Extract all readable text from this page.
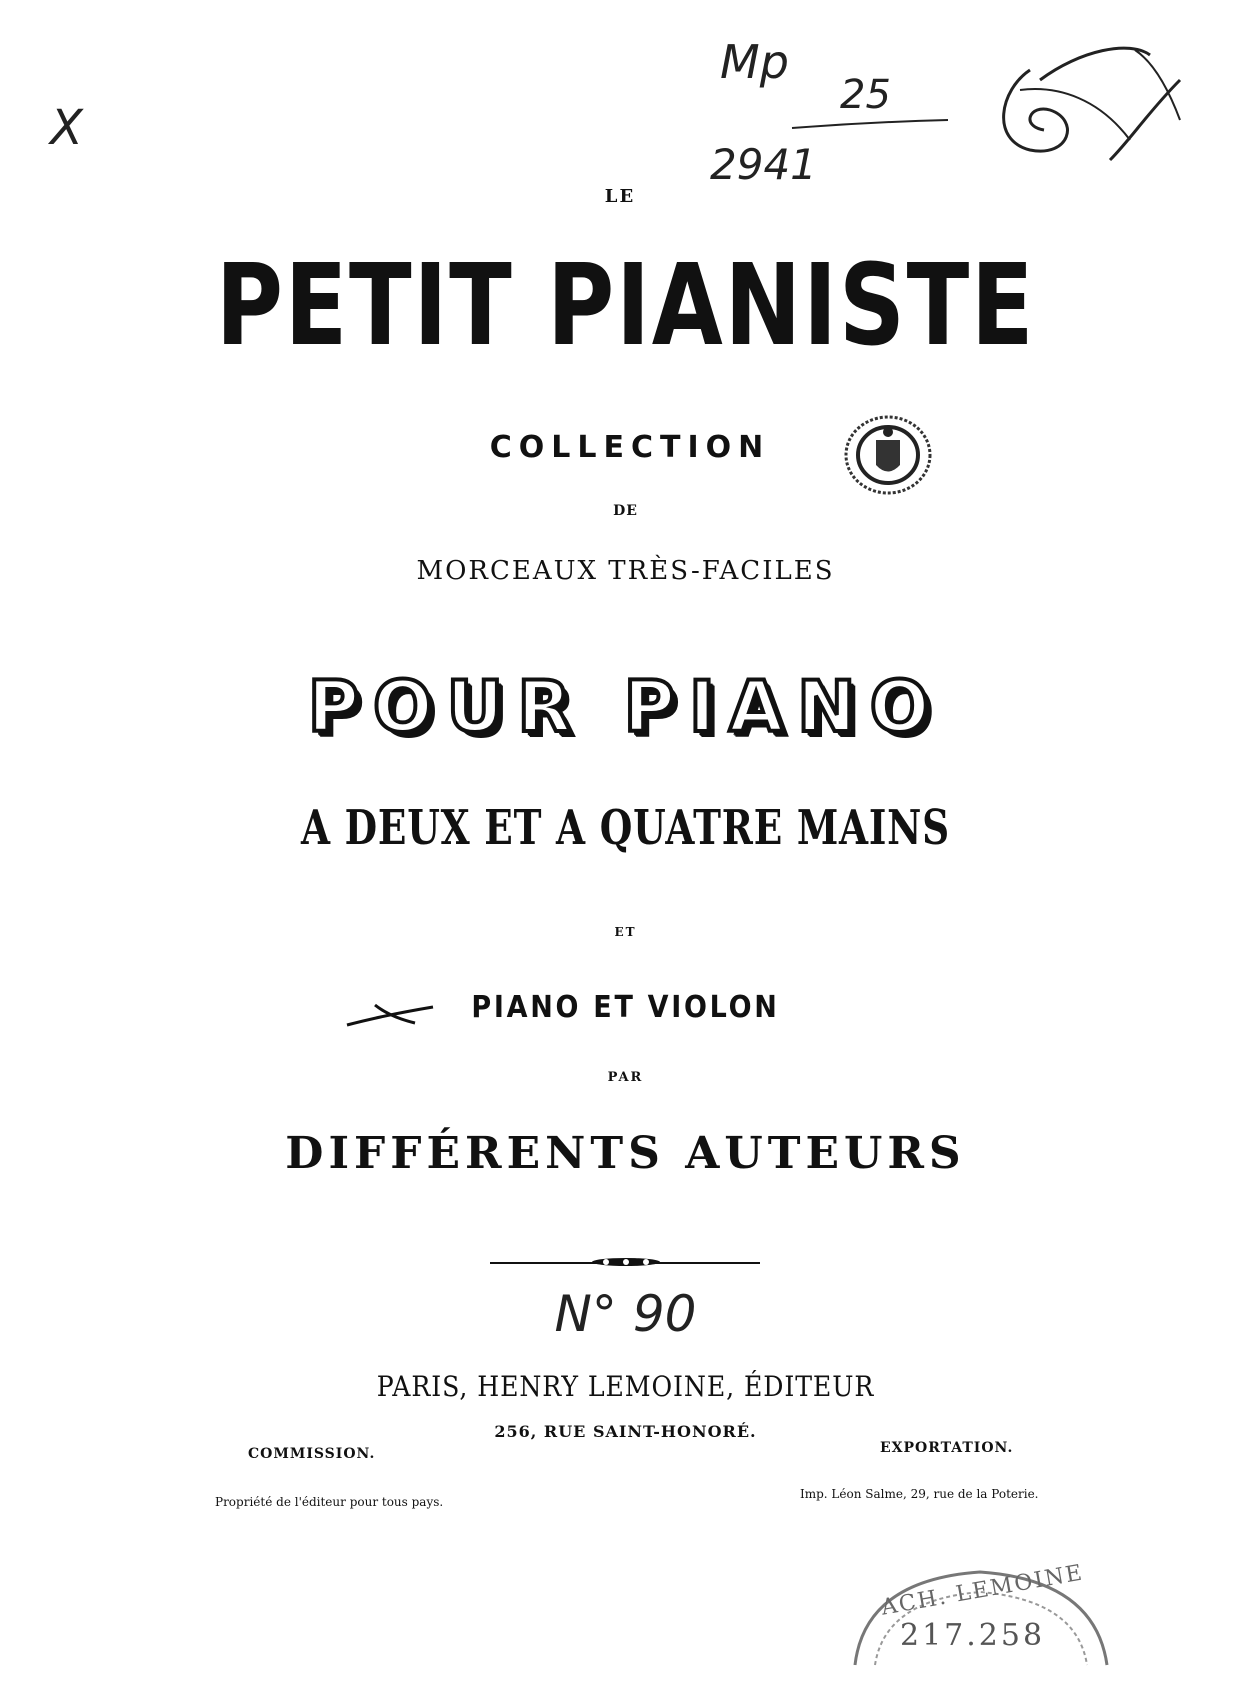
X
Mp
25
2941
LE
PETIT PIANISTE
COLLECTION
DE
MORCEAUX TRÈS-FACILES
POUR PIANO
A DEUX ET A QUATRE MAINS
ET
PIANO ET VIOLON
PAR
DIFFÉRENTS AUTEURS
N° 90
PARIS, HENRY LEMOINE, ÉDITEUR
256, RUE SAINT-HONORÉ.
COMMISSION.	EXPORTATION.
Propriété de l'éditeur pour tous pays.
Imp. Léon Salme, 29, rue de la Poterie.
ACH. LEMOINE
217.258
